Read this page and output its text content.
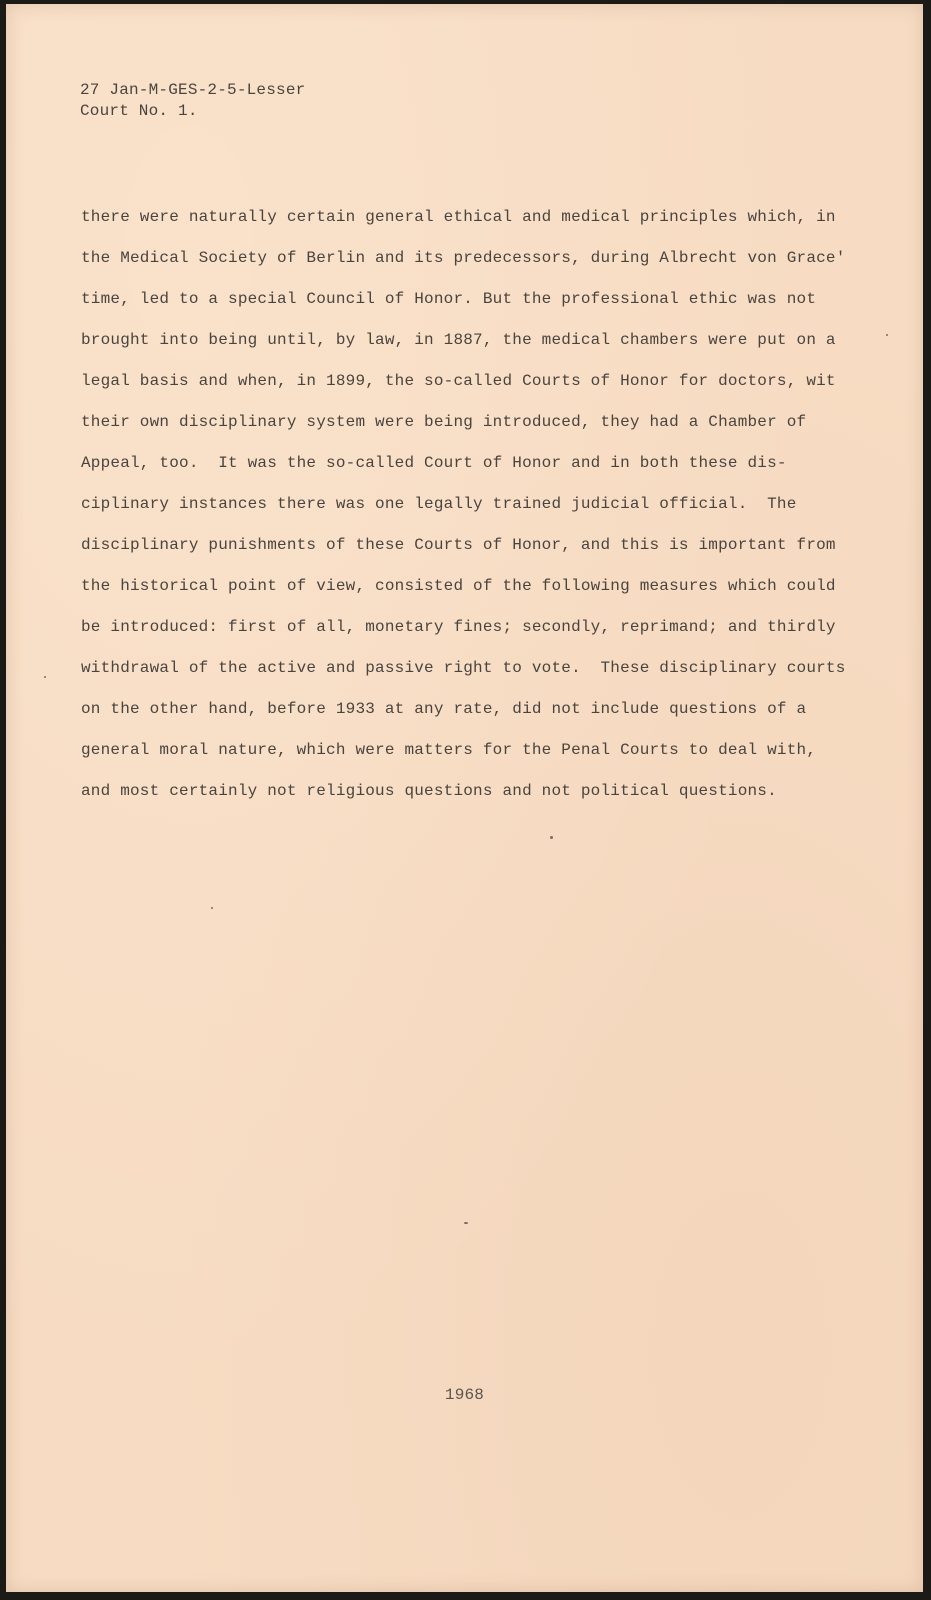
27 Jan-M-GES-2-5-Lesser
Court No. 1.
there were naturally certain general ethical and medical principles which, in
the Medical Society of Berlin and its predecessors, during Albrecht von Grace'
time, led to a special Council of Honor. But the professional ethic was not
brought into being until, by law, in 1887, the medical chambers were put on a
legal basis and when, in 1899, the so-called Courts of Honor for doctors, wit
their own disciplinary system were being introduced, they had a Chamber of
Appeal, too.  It was the so-called Court of Honor and in both these dis-
ciplinary instances there was one legally trained judicial official.  The
disciplinary punishments of these Courts of Honor, and this is important from
the historical point of view, consisted of the following measures which could
be introduced: first of all, monetary fines; secondly, reprimand; and thirdly
withdrawal of the active and passive right to vote.  These disciplinary courts
on the other hand, before 1933 at any rate, did not include questions of a
general moral nature, which were matters for the Penal Courts to deal with,
and most certainly not religious questions and not political questions.
1968
